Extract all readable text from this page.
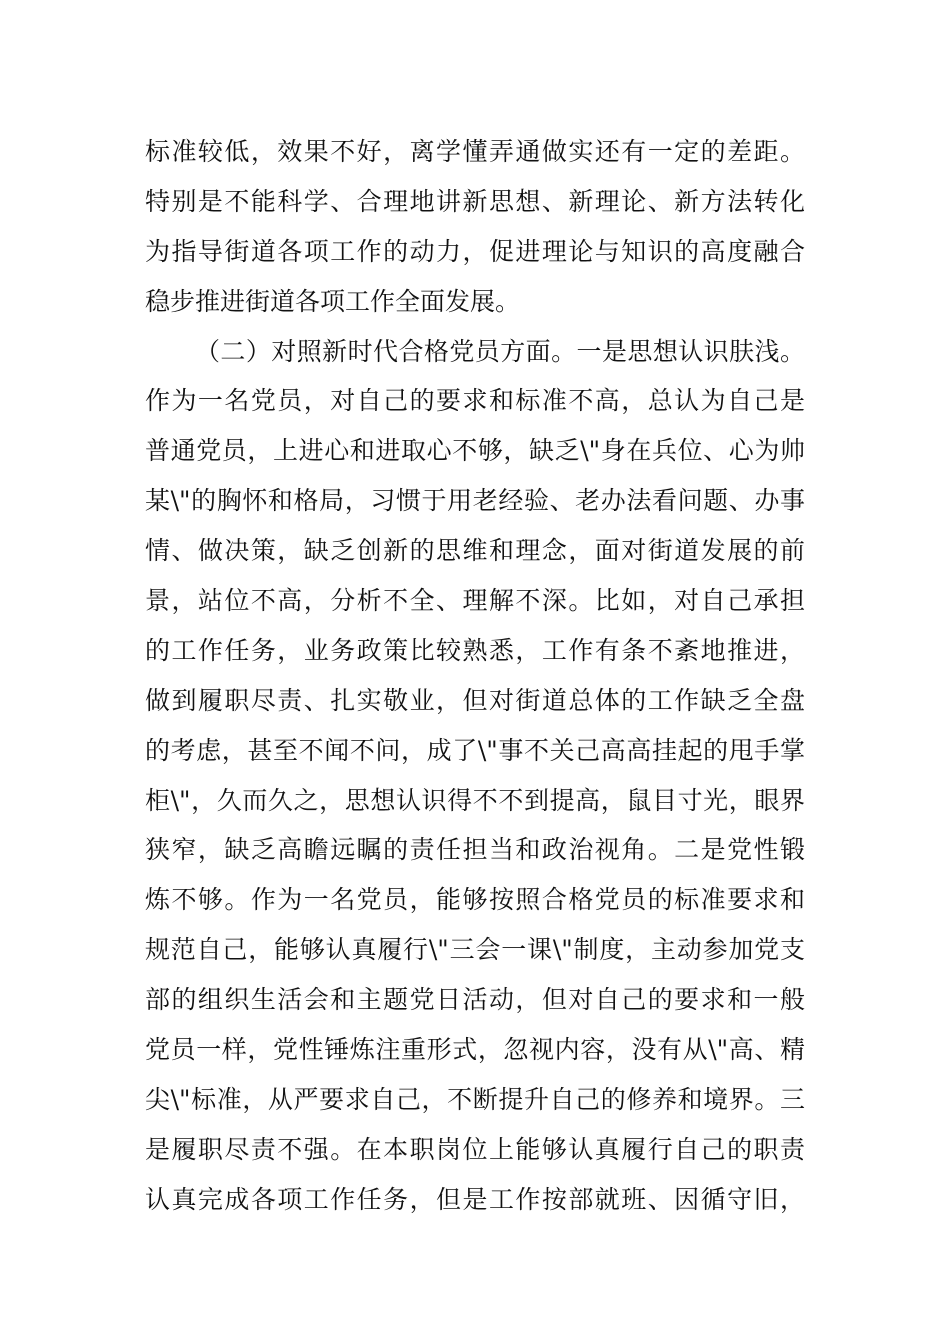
标准较低，效果不好，离学懂弄通做实还有一定的差距。
特别是不能科学、合理地讲新思想、新理论、新方法转化
为指导街道各项工作的动力，促进理论与知识的高度融合
稳步推进街道各项工作全面发展。
（二）对照新时代合格党员方面。一是思想认识肤浅。
作为一名党员，对自己的要求和标准不高，总认为自己是
普通党员，上进心和进取心不够，缺乏\"身在兵位、心为帅
某\"的胸怀和格局，习惯于用老经验、老办法看问题、办事
情、做决策，缺乏创新的思维和理念，面对街道发展的前
景，站位不高，分析不全、理解不深。比如，对自己承担
的工作任务，业务政策比较熟悉，工作有条不紊地推进，
做到履职尽责、扎实敬业，但对街道总体的工作缺乏全盘
的考虑，甚至不闻不问，成了\"事不关己高高挂起的甩手掌
柜\"，久而久之，思想认识得不不到提高，鼠目寸光，眼界
狭窄，缺乏高瞻远瞩的责任担当和政治视角。二是党性锻
炼不够。作为一名党员，能够按照合格党员的标准要求和
规范自己，能够认真履行\"三会一课\"制度，主动参加党支
部的组织生活会和主题党日活动，但对自己的要求和一般
党员一样，党性锤炼注重形式，忽视内容，没有从\"高、精
尖\"标准，从严要求自己，不断提升自己的修养和境界。三
是履职尽责不强。在本职岗位上能够认真履行自己的职责
认真完成各项工作任务，但是工作按部就班、因循守旧，
